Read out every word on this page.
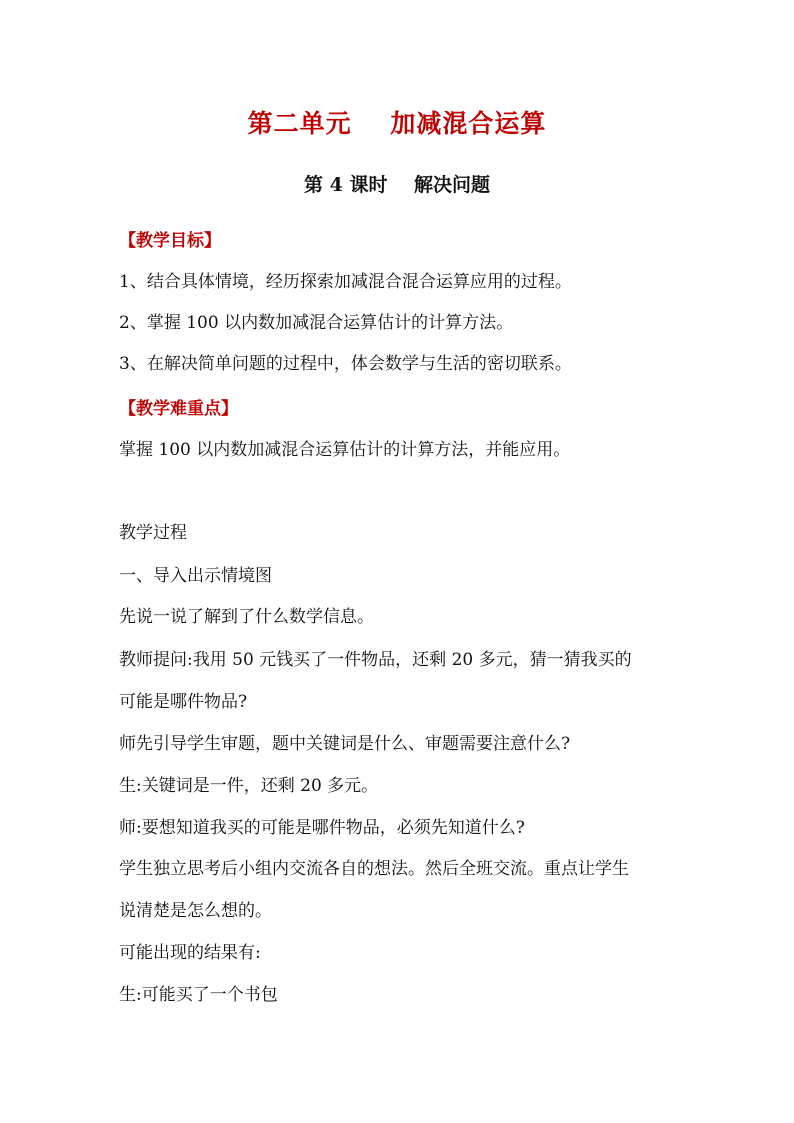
第二单元    加减混合运算
第 4 课时    解决问题
【教学目标】
1、结合具体情境，经历探索加减混合混合运算应用的过程。
2、掌握 100 以内数加减混合运算估计的计算方法。
3、在解决简单问题的过程中，体会数学与生活的密切联系。
【教学难重点】
掌握 100 以内数加减混合运算估计的计算方法，并能应用。
教学过程
一、导入出示情境图
先说一说了解到了什么数学信息。
教师提问:我用 50 元钱买了一件物品，还剩 20 多元，猜一猜我买的
可能是哪件物品?
师先引导学生审题，题中关键词是什么、审题需要注意什么?
生:关键词是一件，还剩 20 多元。
师:要想知道我买的可能是哪件物品，必须先知道什么?
学生独立思考后小组内交流各自的想法。然后全班交流。重点让学生
说清楚是怎么想的。
可能出现的结果有:
生:可能买了一个书包
